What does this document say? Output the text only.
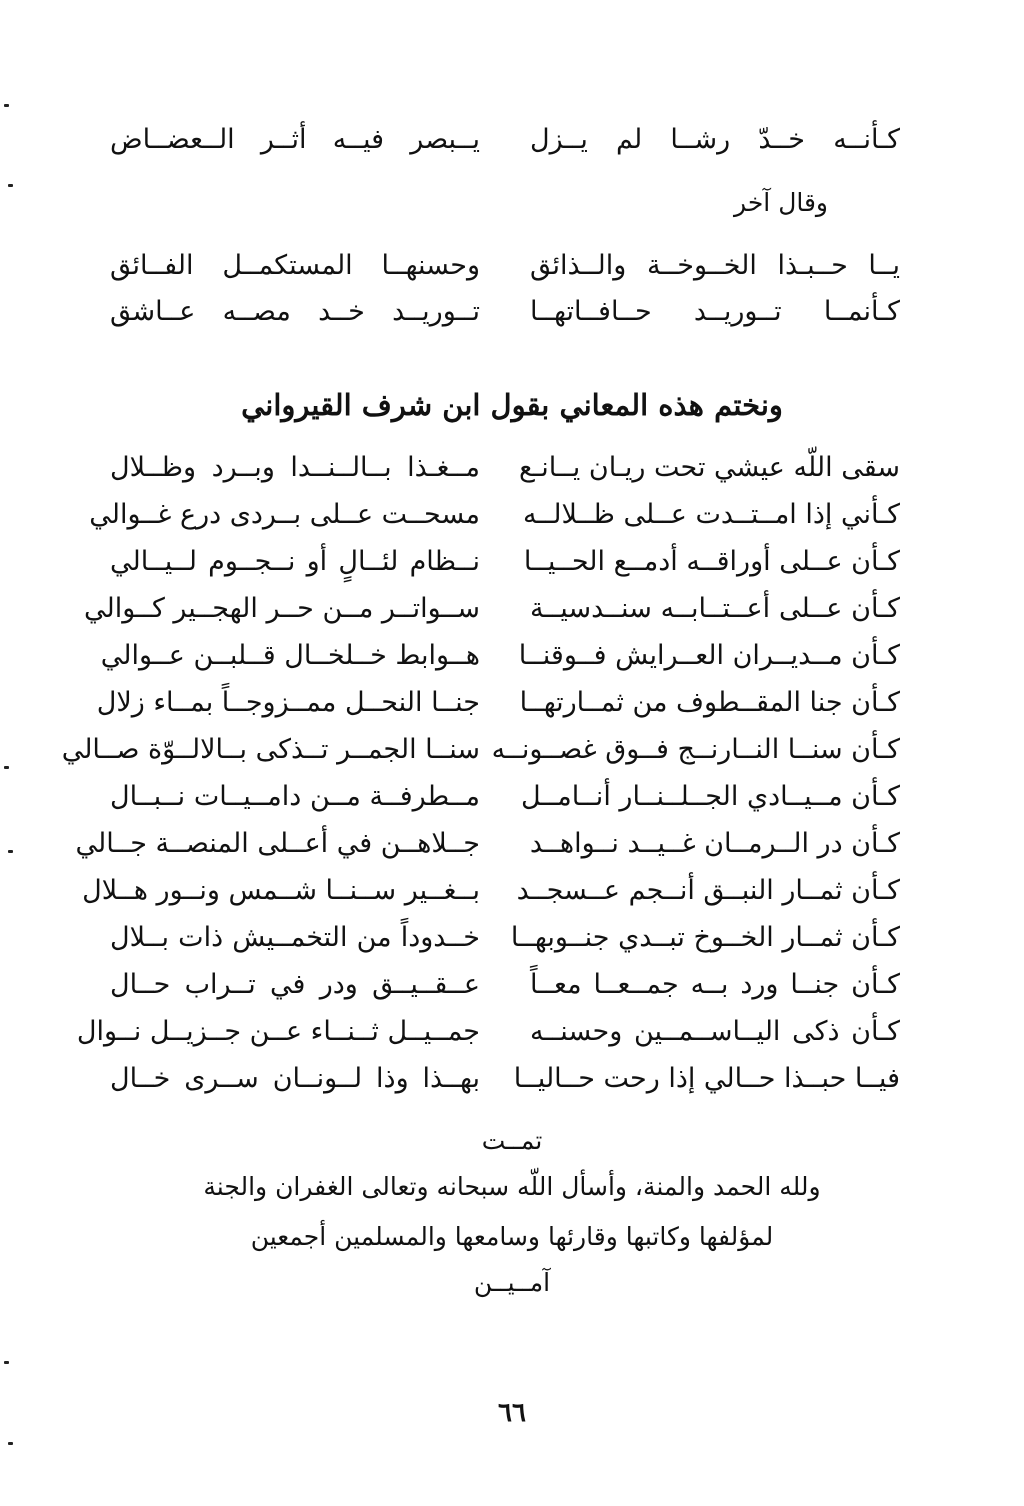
كـأنــه خــدّ رشــا لم يــزل
يــبصر فيــه أثــر الــعضــاض
وقال آخر
يــا حــبـذا الخــوخــة والــذائق
وحسنهــا المستكمــل الفــائق
كـأنمــا تــوريــد حــافــاتهــا
تــوريــد خــد مصــه عــاشق
ونختم هذه المعاني بقول ابن شرف القيرواني
سقى اللّه عيشي تحت ريـان يــانـع
مــغـذا بــالــنــدا وبــرد وظــلال
كـأني إذا امــتــدت عــلى ظــلالــه
مسحــت عــلى بــردى درع غــوالي
كـأن عــلى أوراقــه أدمــع الحــيــا
نــظام لئــالٍ أو نــجــوم لــيــالي
كـأن عــلى أعــتــابــه سنــدسيــة
ســواتــر مــن حــر الهجــير كــوالي
كـأن مــديــران العــرايش فــوقنــا
هــوابط خــلخــال قــلبــن عــوالي
كـأن جنا المقــطوف من ثمــارتهــا
جنــا النحــل ممــزوجــاً بمــاء زلال
كـأن سنــا النــارنــج فــوق غصــونــه
سنــا الجمــر تــذكى بــالالــوّة صــالي
كـأن مــيــادي الجــلــنــار أنــامــل
مــطرفــة مــن دامــيــات نــبــال
كـأن در الــرمــان غــيــد نــواهــد
جــلاهــن في أعــلى المنصــة جــالي
كـأن ثمــار النبــق أنــجم عــسجــد
بــغــير ســنــا شــمس ونــور هــلال
كـأن ثمــار الخــوخ تبــدي جنــوبهــا
خــدوداً من التخمــيش ذات بــلال
كـأن جنــا ورد بــه جمــعــا معــاً
عــقــيــق ودر في تــراب حــال
كـأن ذكى اليــاســمــين وحسنــه
جمــيــل ثــنــاء عــن جــزيــل نــوال
فيــا حبــذا حــالي إذا رحت حــاليــا
بهــذا وذا لــونــان ســرى خــال
تمــت
ولله الحمد والمنة، وأسأل اللّه سبحانه وتعالى الغفران والجنة
لمؤلفها وكاتبها وقارئها وسامعها والمسلمين أجمعين
آمــيــن
٦٦
